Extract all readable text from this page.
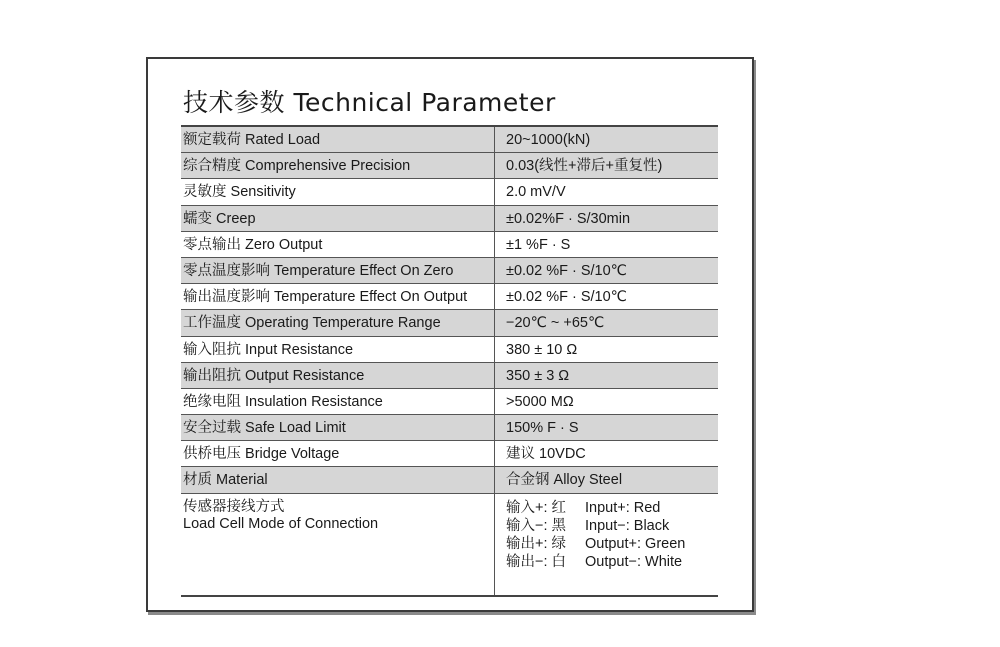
技术参数 Technical Parameter
额定载荷 Rated Load	20~1000(kN)
综合精度 Comprehensive Precision	0.03(线性+滞后+重复性)
灵敏度 Sensitivity	2.0 mV/V
蠕变 Creep	±0.02%F · S/30min
零点输出 Zero Output	±1 %F · S
零点温度影响 Temperature Effect On Zero	±0.02 %F · S/10℃
输出温度影响 Temperature Effect On Output	±0.02 %F · S/10℃
工作温度 Operating Temperature Range	−20℃ ~ +65℃
输入阻抗 Input Resistance	380 ± 10 Ω
输出阻抗 Output Resistance	350 ± 3 Ω
绝缘电阻 Insulation Resistance	>5000 MΩ
安全过载 Safe Load Limit	150% F · S
供桥电压 Bridge Voltage	建议 10VDC
材质 Material	合金钢 Alloy Steel
传感器接线方式
Load Cell Mode of Connection
输入+: 红	Input+: Red
输入−: 黑	Input−: Black
输出+: 绿	Output+: Green
输出−: 白	Output−: White
